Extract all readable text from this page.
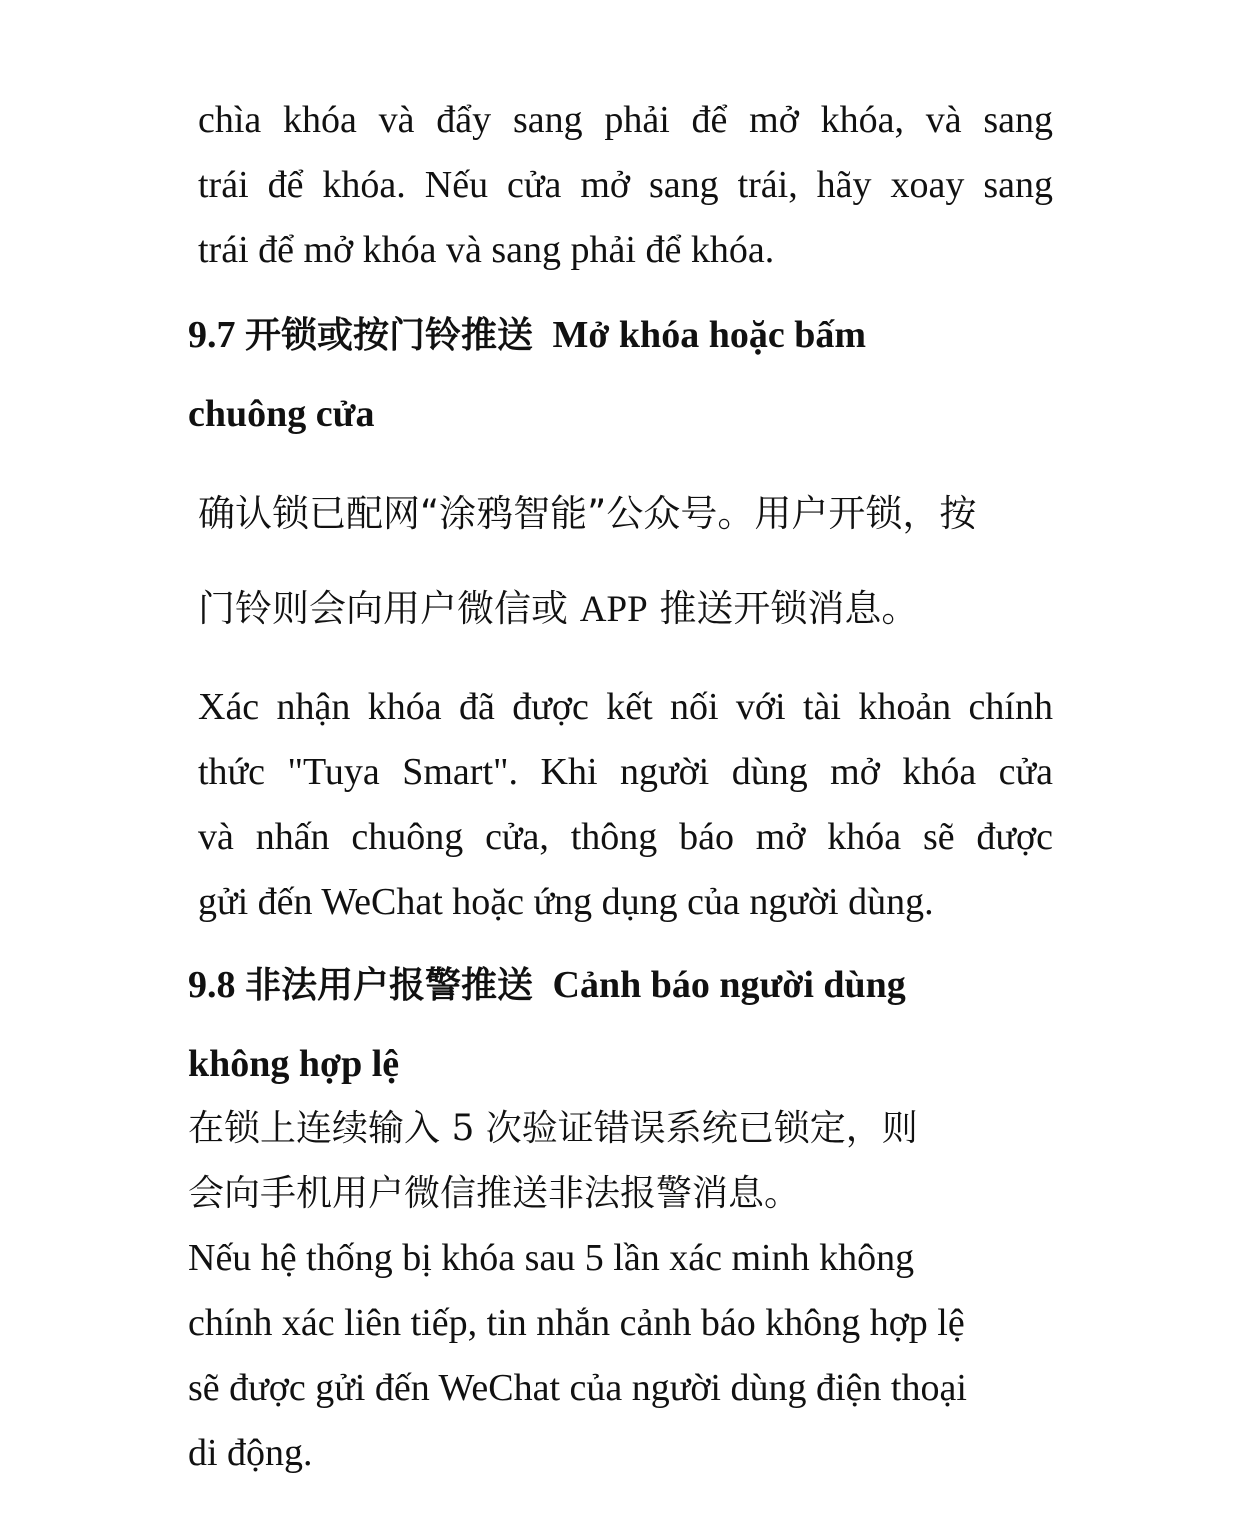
chìa khóa và đẩy sang phải để mở khóa, và sang
trái để khóa. Nếu cửa mở sang trái, hãy xoay sang
trái để mở khóa và sang phải để khóa.
9.7 开锁或按门铃推送 Mở khóa hoặc bấm
chuông cửa
确认锁已配网“涂鸦智能”公众号。用户开锁，按
门铃则会向用户微信或 APP 推送开锁消息。
Xác nhận khóa đã được kết nối với tài khoản chính
thức "Tuya Smart". Khi người dùng mở khóa cửa
và nhấn chuông cửa, thông báo mở khóa sẽ được
gửi đến WeChat hoặc ứng dụng của người dùng.
9.8 非法用户报警推送 Cảnh báo người dùng
không hợp lệ
在锁上连续输入 5 次验证错误系统已锁定，则
会向手机用户微信推送非法报警消息。
Nếu hệ thống bị khóa sau 5 lần xác minh không
chính xác liên tiếp, tin nhắn cảnh báo không hợp lệ
sẽ được gửi đến WeChat của người dùng điện thoại
di động.
